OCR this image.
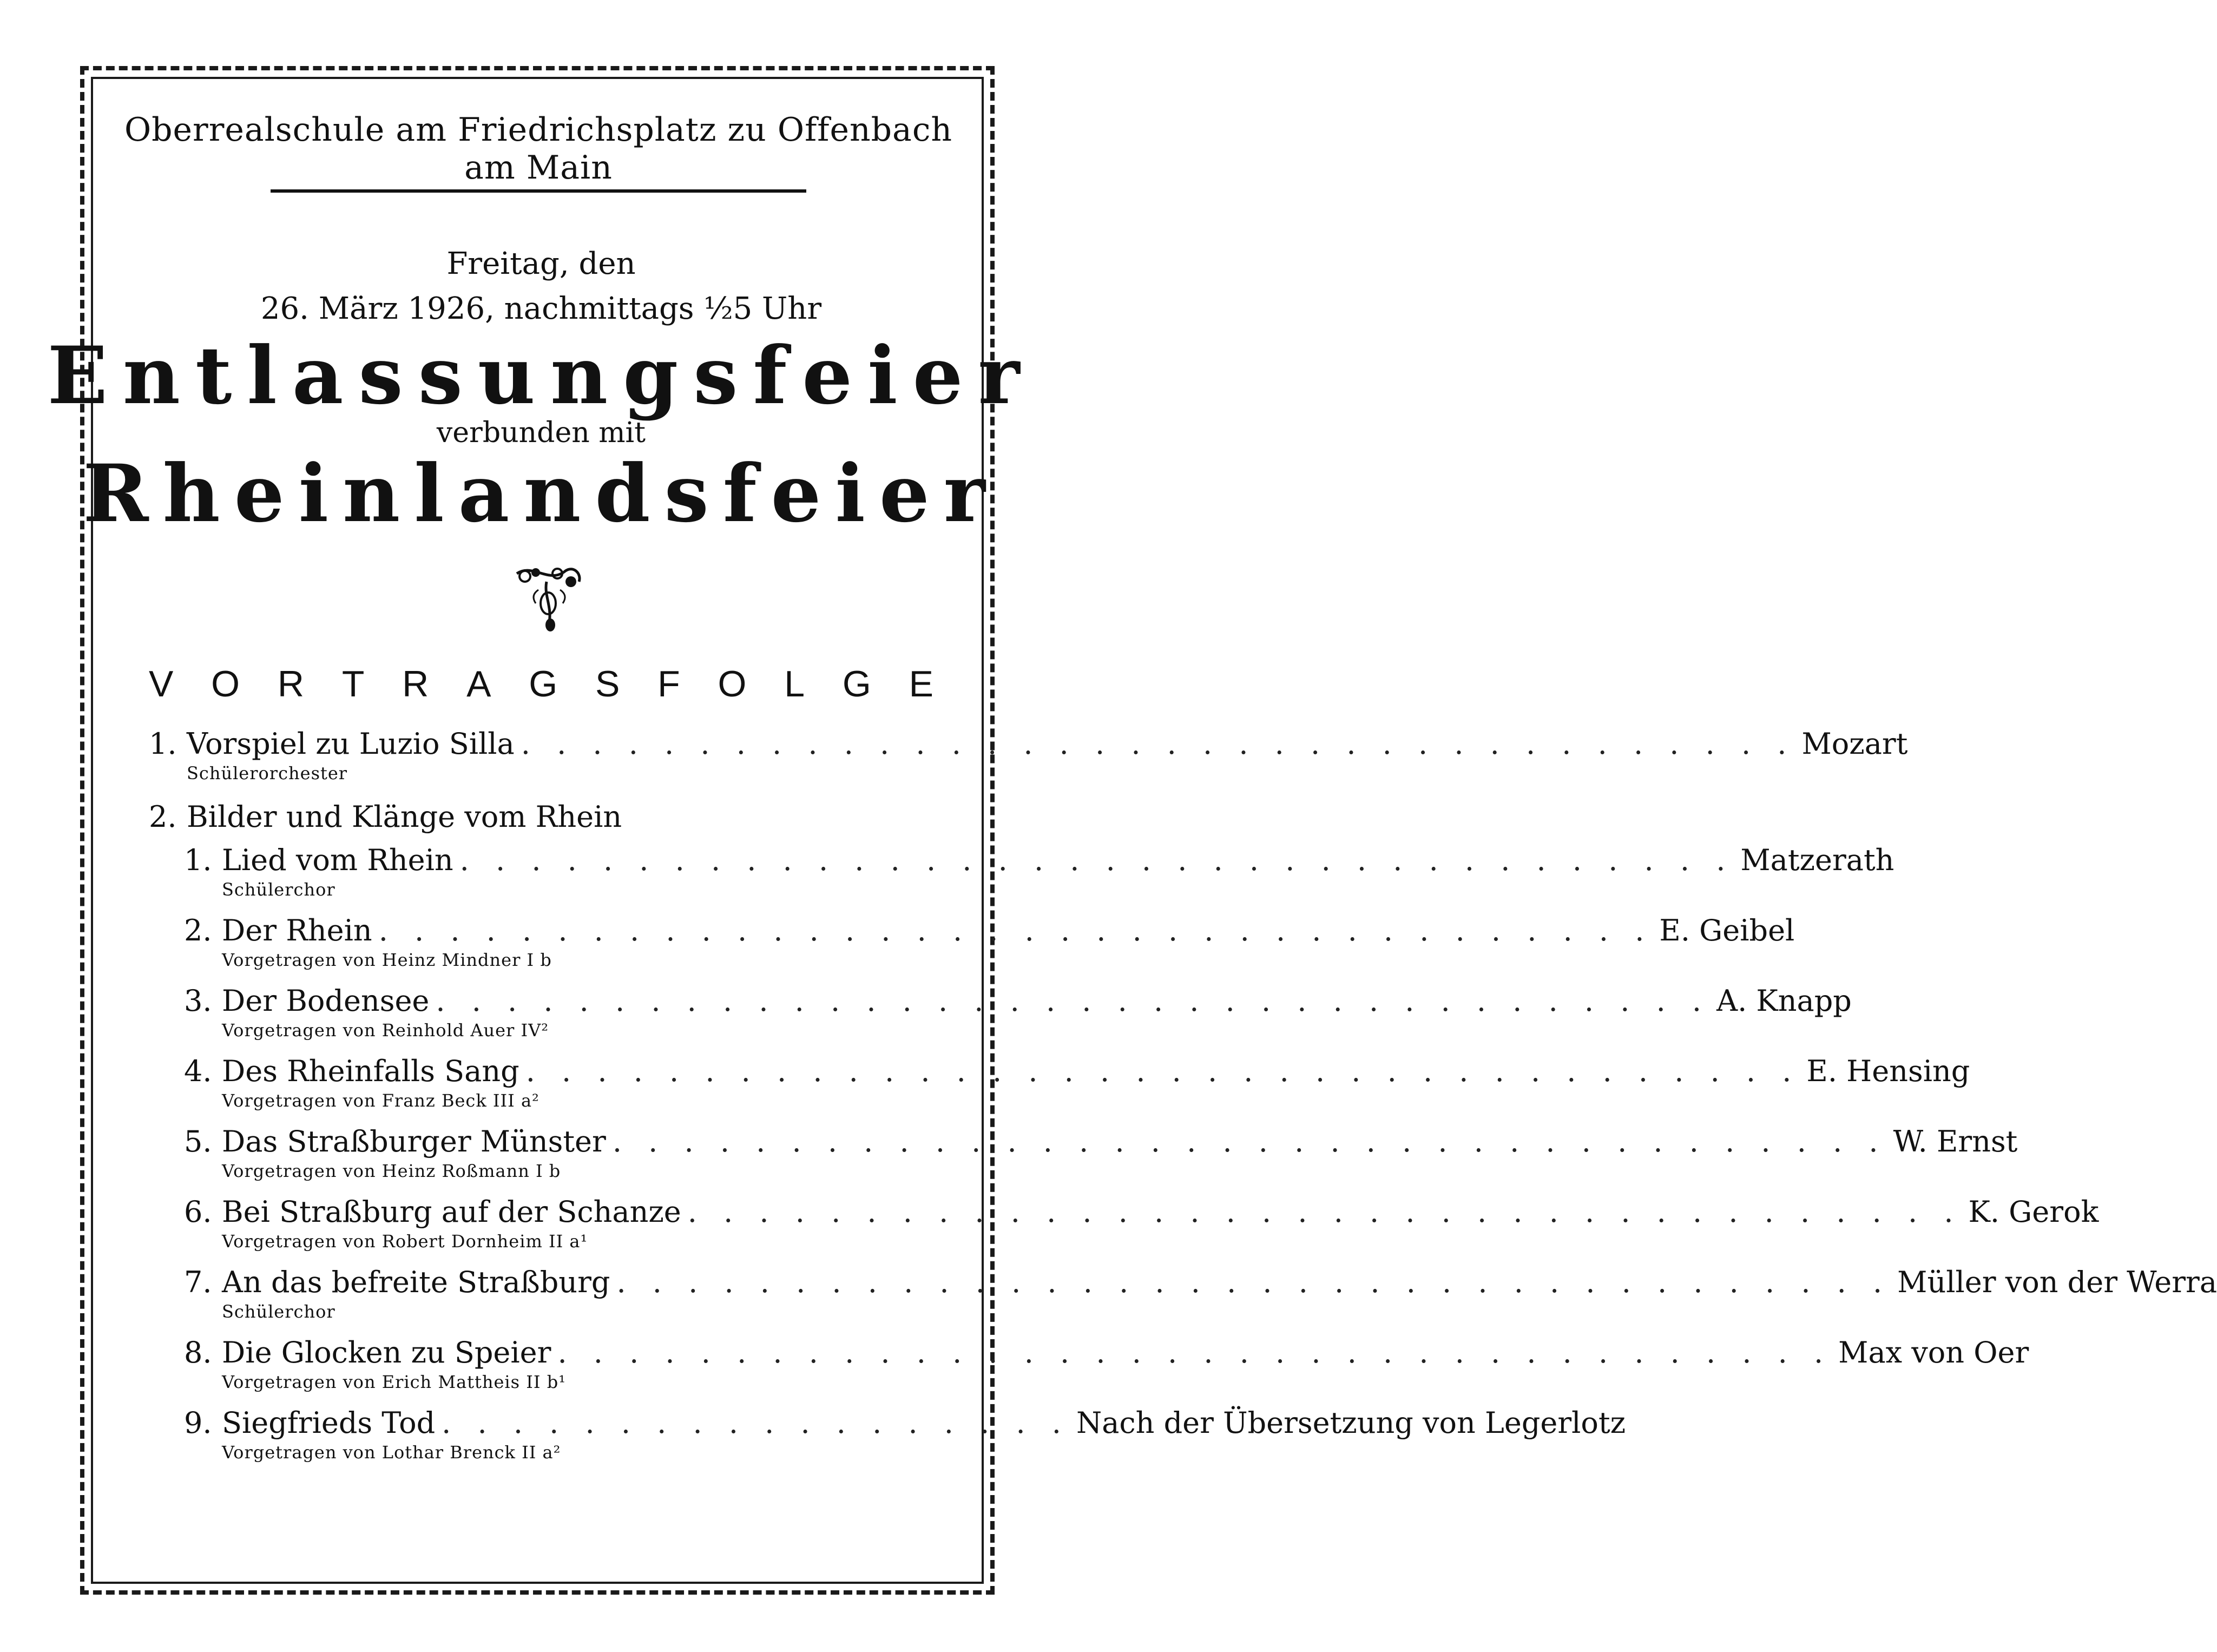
Oberrealschule am Friedrichsplatz zu Offenbach am Main
Freitag, den
26. März 1926, nachmittags ½5 Uhr
Entlassungsfeier
verbunden mit
Rheinlandsfeier
V O R T R A G S F O L G E
1. Vorspiel zu Luzio Silla . . . . . . . . . . . . . . . . . . . . . . . . . . . . . . . . . . . . Mozart
Schülerorchester
2. Bilder und Klänge vom Rhein
1. Lied vom Rhein . . . . . . . . . . . . . . . . . . . . . . . . . . . . . . . . . . . . Matzerath
Schülerchor
2. Der Rhein . . . . . . . . . . . . . . . . . . . . . . . . . . . . . . . . . . . . E. Geibel
Vorgetragen von Heinz Mindner I b
3. Der Bodensee . . . . . . . . . . . . . . . . . . . . . . . . . . . . . . . . . . . . A. Knapp
Vorgetragen von Reinhold Auer IV²
4. Des Rheinfalls Sang . . . . . . . . . . . . . . . . . . . . . . . . . . . . . . . . . . . . E. Hensing
Vorgetragen von Franz Beck III a²
5. Das Straßburger Münster . . . . . . . . . . . . . . . . . . . . . . . . . . . . . . . . . . . . W. Ernst
Vorgetragen von Heinz Roßmann I b
6. Bei Straßburg auf der Schanze . . . . . . . . . . . . . . . . . . . . . . . . . . . . . . . . . . . . K. Gerok
Vorgetragen von Robert Dornheim II a¹
7. An das befreite Straßburg . . . . . . . . . . . . . . . . . . . . . . . . . . . . . . . . . . . . Müller von der Werra
Schülerchor
8. Die Glocken zu Speier . . . . . . . . . . . . . . . . . . . . . . . . . . . . . . . . . . . . Max von Oer
Vorgetragen von Erich Mattheis II b¹
9. Siegfrieds Tod . . . . . . . . . . . . . . . . . . Nach der Übersetzung von Legerlotz
Vorgetragen von Lothar Brenck II a²
